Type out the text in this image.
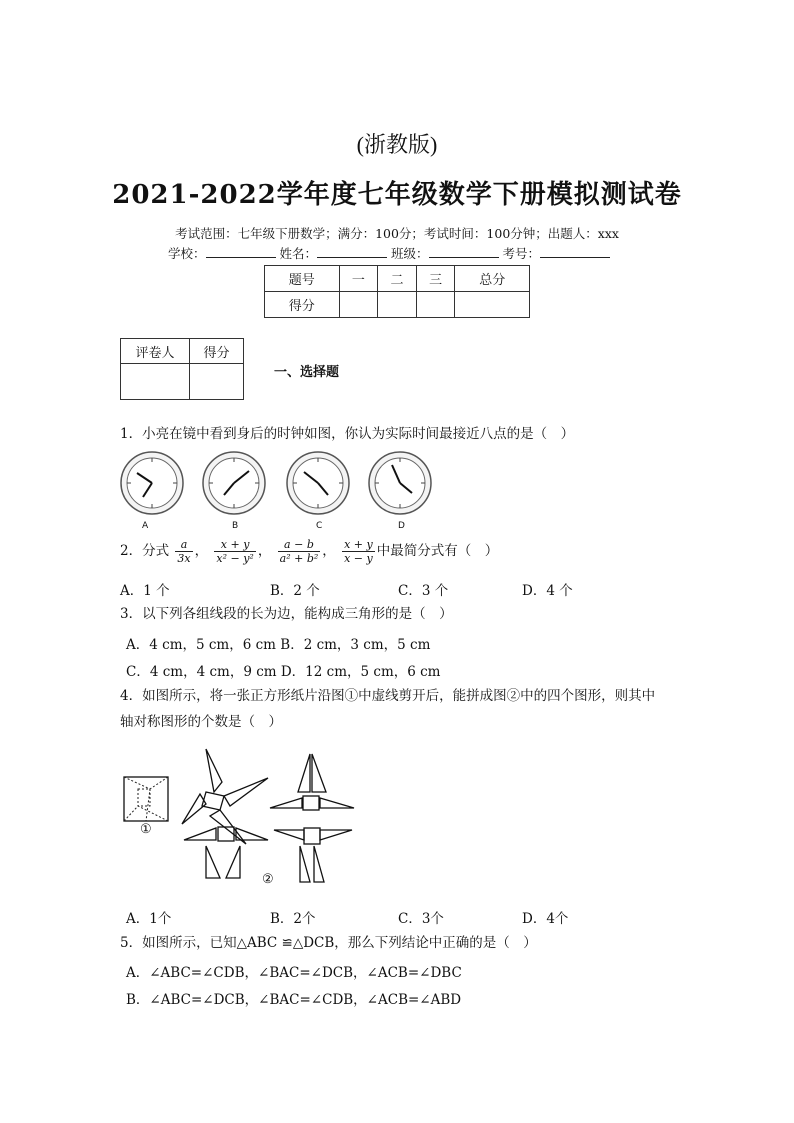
(浙教版)
2021-2022学年度七年级数学下册模拟测试卷
考试范围：七年级下册数学；满分：100分；考试时间：100分钟；出题人：xxx
学校：	姓名：	班级：	考号：
题号	一	二	三	总分
得分				
评卷人	得分

一、选择题
1．小亮在镜中看到身后的时钟如图，你认为实际时间最接近八点的是（　）
A	B	C	D
2．分式 $\frac{a}{3x}$ ， $\frac{x + y}{\text{x² − y²}}$ ， $\frac{a - b}{\text{a² + b²}}$ ， $\frac{x + y}{x - y}$ 中最简分式有（　）
A．1 个	B．2 个	C．3 个	D．4 个
3．以下列各组线段的长为边，能构成三角形的是（　）
A．4 cm，5 cm，6 cm B．2 cm，3 cm，5 cm
C．4 cm，4 cm，9 cm D．12 cm，5 cm，6 cm
4．如图所示，将一张正方形纸片沿图①中虚线剪开后，能拼成图②中的四个图形，则其中
轴对称图形的个数是（　）
①
②
A．1个	B．2个	C．3个	D．4个
5．如图所示，已知△ABC ≌△DCB，那么下列结论中正确的是（　）
A．∠ABC=∠CDB，∠BAC=∠DCB，∠ACB=∠DBC
B．∠ABC=∠DCB，∠BAC=∠CDB，∠ACB=∠ABD
